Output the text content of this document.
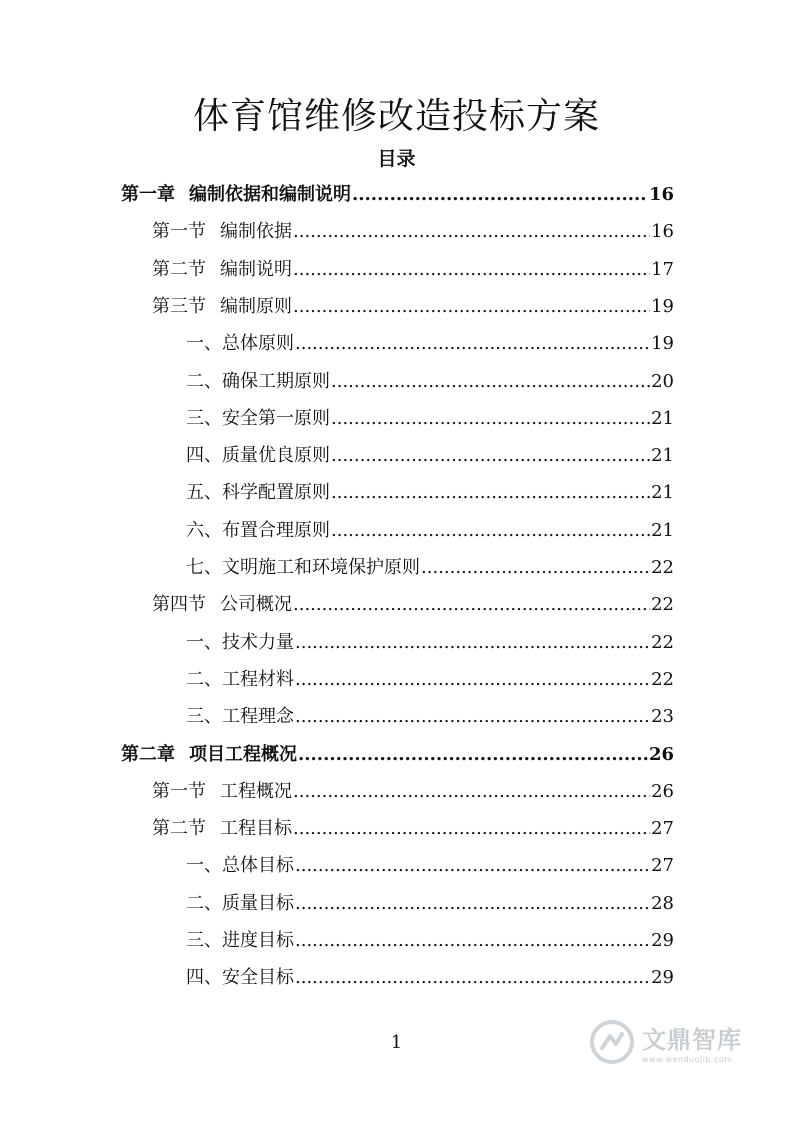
体育馆维修改造投标方案
目录
第一章 编制依据和编制说明 .....	16
第一节 编制依据 .....	16
第二节 编制说明 .....	17
第三节 编制原则 .....	19
一、总体原则 .....	19
二、确保工期原则 .....	20
三、安全第一原则 .....	21
四、质量优良原则 .....	21
五、科学配置原则 .....	21
六、布置合理原则 .....	21
七、文明施工和环境保护原则 .....	22
第四节 公司概况 .....	22
一、技术力量 .....	22
二、工程材料 .....	22
三、工程理念 .....	23
第二章 项目工程概况 .....	26
第一节 工程概况 .....	26
第二节 工程目标 .....	27
一、总体目标 .....	27
二、质量目标 .....	28
三、进度目标 .....	29
四、安全目标 .....	29
1	文鼎智库
www.wenduolib.com
